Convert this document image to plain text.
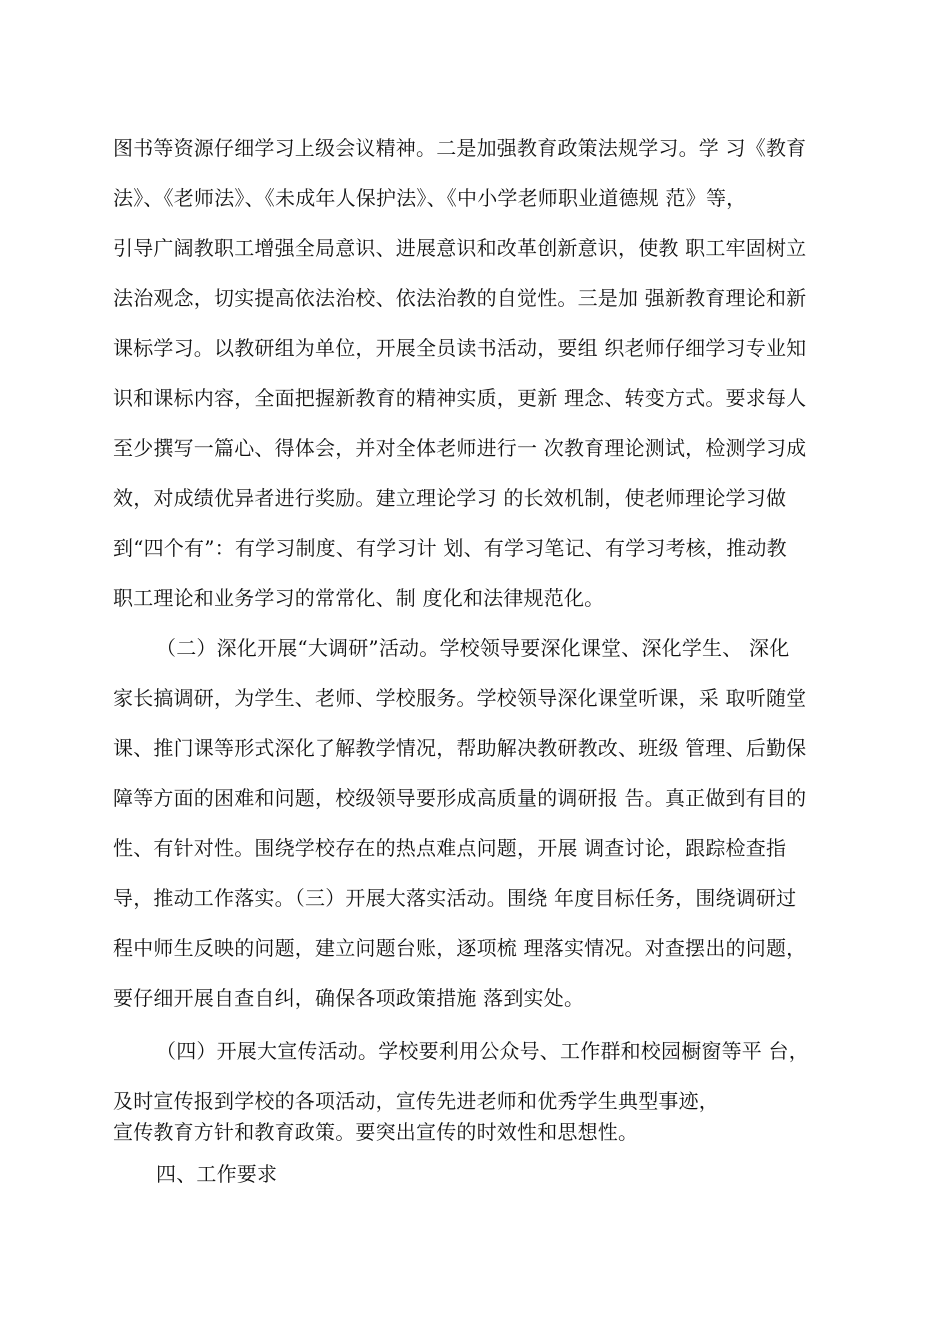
图书等资源仔细学习上级会议精神。二是加强教育政策法规学习。学 习《教育
法》、《老师法》、《未成年人保护法》、《中小学老师职业道德规 范》等，
引导广阔教职工增强全局意识、进展意识和改革创新意识，使教 职工牢固树立
法治观念，切实提高依法治校、依法治教的自觉性。三是加 强新教育理论和新
课标学习。以教研组为单位，开展全员读书活动，要组 织老师仔细学习专业知
识和课标内容，全面把握新教育的精神实质，更新 理念、转变方式。要求每人
至少撰写一篇心、得体会，并对全体老师进行一 次教育理论测试，检测学习成
效，对成绩优异者进行奖励。建立理论学习 的长效机制，使老师理论学习做
到“四个有”：有学习制度、有学习计 划、有学习笔记、有学习考核，推动教
职工理论和业务学习的常常化、制 度化和法律规范化。
（二）深化开展“大调研”活动。学校领导要深化课堂、深化学生、 深化
家长搞调研，为学生、老师、学校服务。学校领导深化课堂听课，采 取听随堂
课、推门课等形式深化了解教学情况，帮助解决教研教改、班级 管理、后勤保
障等方面的困难和问题，校级领导要形成高质量的调研报 告。真正做到有目的
性、有针对性。围绕学校存在的热点难点问题，开展 调查讨论，跟踪检查指
导，推动工作落实。（三）开展大落实活动。围绕 年度目标任务，围绕调研过
程中师生反映的问题，建立问题台账，逐项梳 理落实情况。对查摆出的问题，
要仔细开展自查自纠，确保各项政策措施 落到实处。
（四）开展大宣传活动。学校要利用公众号、工作群和校园橱窗等平 台，
及时宣传报到学校的各项活动，宣传先进老师和优秀学生典型事迹，
宣传教育方针和教育政策。要突出宣传的时效性和思想性。
四、工作要求
